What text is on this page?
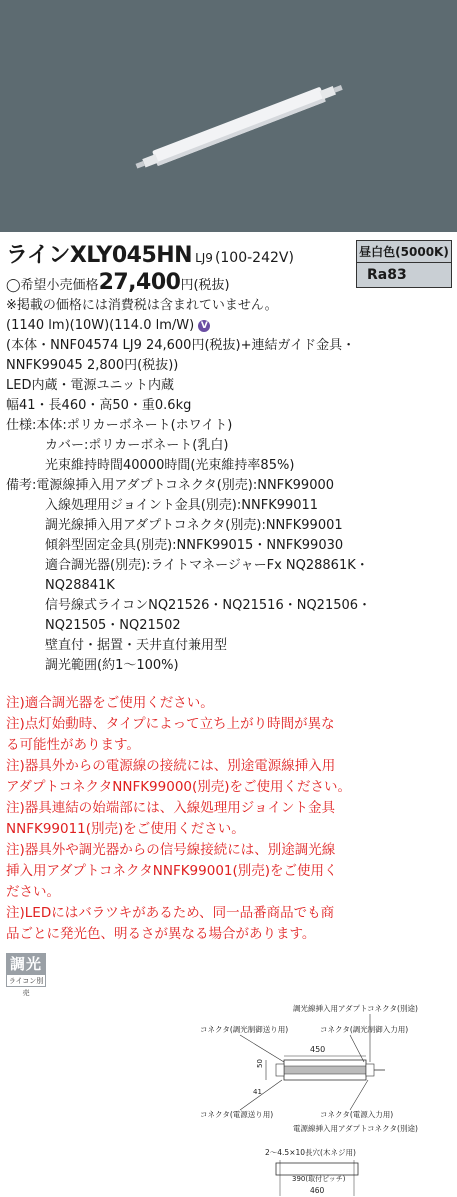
ラインXLY045HN LJ9 (100-242V)	昼白色(5000K)
Ra83
◯希望小売価格27,400円(税抜)
※掲載の価格には消費税は含まれていません。
(1140 lm)(10W)(114.0 lm/W) V
(本体・NNF04574 LJ9 24,600円(税抜)+連結ガイド金具・
NNFK99045 2,800円(税抜))
LED内蔵・電源ユニット内蔵
幅41・長460・高50・重0.6kg
仕様:本体:ポリカーボネート(ホワイト)
　　　カバー:ポリカーボネート(乳白)
　　　光束維持時間40000時間(光束維持率85%)
備考:電源線挿入用アダプトコネクタ(別売):NNFK99000
　　　入線処理用ジョイント金具(別売):NNFK99011
　　　調光線挿入用アダプトコネクタ(別売):NNFK99001
　　　傾斜型固定金具(別売):NNFK99015・NNFK99030
　　　適合調光器(別売):ライトマネージャーFx NQ28861K・
　　　NQ28841K
　　　信号線式ライコンNQ21526・NQ21516・NQ21506・
　　　NQ21505・NQ21502
　　　壁直付・据置・天井直付兼用型
　　　調光範囲(約1～100%)
注)適合調光器をご使用ください。
注)点灯始動時、タイプによって立ち上がり時間が異な
る可能性があります。
注)器具外からの電源線の接続には、別途電源線挿入用
アダプトコネクタNNFK99000(別売)をご使用ください。
注)器具連結の始端部には、入線処理用ジョイント金具
NNFK99011(別売)をご使用ください。
注)器具外や調光器からの信号線接続には、別途調光線
挿入用アダプトコネクタNNFK99001(別売)をご使用く
ださい。
注)LEDにはバラツキがあるため、同一品番商品でも商
品ごとに発光色、明るさが異なる場合があります。
調光
ライコン別売
調光線挿入用アダプトコネクタ(別途)
コネクタ(調光制御送り用)	コネクタ(調光制御入力用)
450
50
41
コネクタ(電源送り用)	コネクタ(電源入力用)
電源線挿入用アダプトコネクタ(別途)
2～4.5×10長穴(木ネジ用)
390(取付ピッチ)
460
